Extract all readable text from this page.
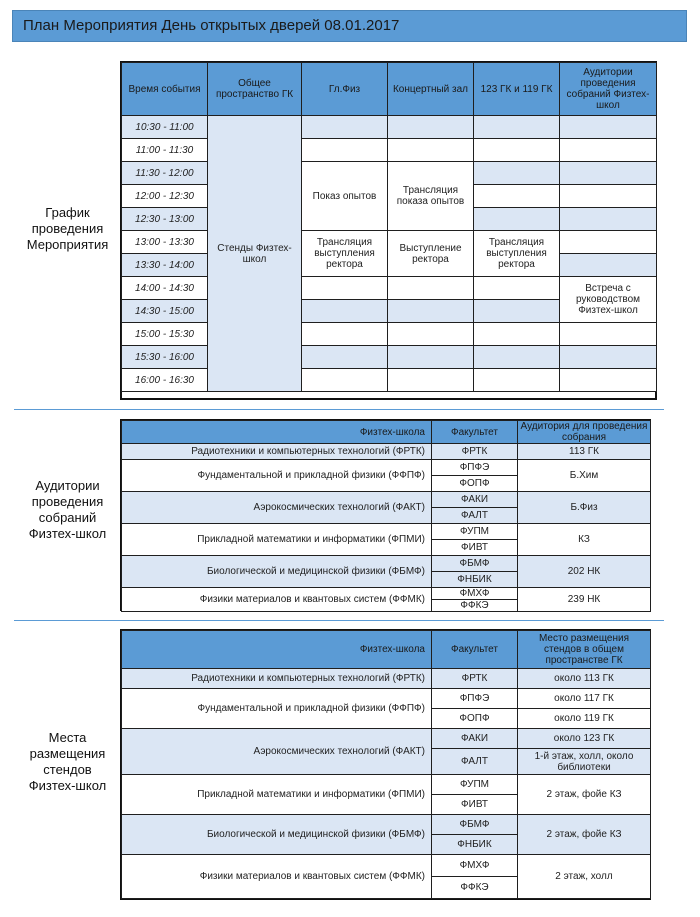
План Мероприятия День открытых дверей 08.01.2017
График проведения Мероприятия
Время события	Общее пространство ГК	Гл.Физ	Концертный зал	123 ГК и 119 ГК	Аудитории проведения собраний Физтех-школ
10:30 - 11:00	Стенды Физтех-школ				
11:00 - 11:30					
11:30 - 12:00		Показ опытов	Трансляция показа опытов		
12:00 - 12:30					
12:30 - 13:00					
13:00 - 13:30		Трансляция выступления ректора	Выступление ректора	Трансляция выступления ректора	
13:30 - 14:00					
14:00 - 14:30					Встреча с руководством Физтех-школ
14:30 - 15:00					
15:00 - 15:30					
15:30 - 16:00					
16:00 - 16:30					
Аудитории проведения собраний Физтех-школ
Физтех-школа	Факультет	Аудитория для проведения собрания
Радиотехники и компьютерных технологий (ФРТК)	ФРТК	113 ГК
Фундаментальной и прикладной физики (ФФПФ)	ФПФЭ	Б.Хим
	ФОПФ	
Аэрокосмических технологий (ФАКТ)	ФАКИ	Б.Физ
	ФАЛТ	
Прикладной математики и информатики (ФПМИ)	ФУПМ	КЗ
	ФИВТ	
Биологической и медицинской физики (ФБМФ)	ФБМФ	202 НК
	ФНБИК	
Физики материалов и квантовых систем (ФФМК)	ФМХФ	239 НК
	ФФКЭ	
Места размещения стендов Физтех-школ
Физтех-школа	Факультет	Место размещения стендов в общем пространстве ГК
Радиотехники и компьютерных технологий (ФРТК)	ФРТК	около 113 ГК
Фундаментальной и прикладной физики (ФФПФ)	ФПФЭ	около 117 ГК
	ФОПФ	около 119 ГК
Аэрокосмических технологий (ФАКТ)	ФАКИ	около 123 ГК
	ФАЛТ	1-й этаж, холл, около библиотеки
Прикладной математики и информатики (ФПМИ)	ФУПМ	2 этаж, фойе КЗ
	ФИВТ	
Биологической и медицинской физики (ФБМФ)	ФБМФ	2 этаж, фойе КЗ
	ФНБИК	
Физики материалов и квантовых систем (ФФМК)	ФМХФ	2 этаж, холл
	ФФКЭ	
